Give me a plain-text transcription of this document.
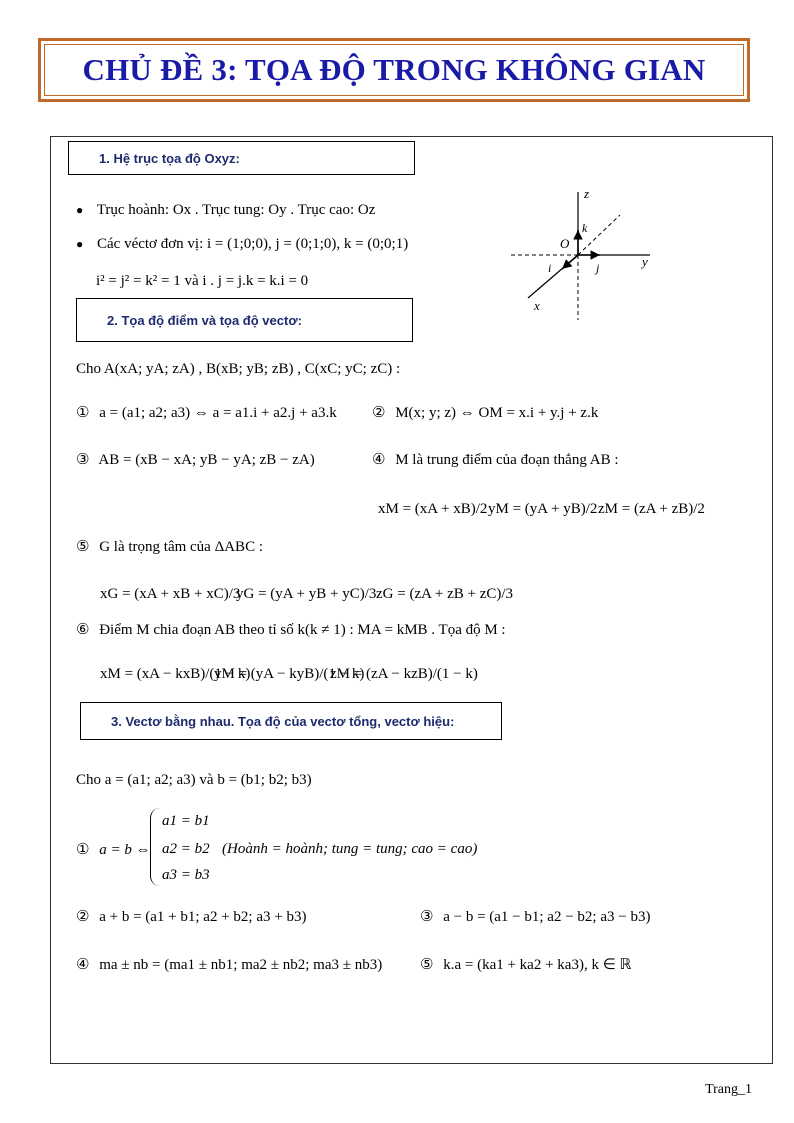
CHỦ ĐỀ 3: TỌA ĐỘ TRONG KHÔNG GIAN
1. Hệ trục tọa độ Oxyz:
● Trục hoành: Ox . Trục tung: Oy . Trục cao: Oz
● Các véctơ đơn vị: i = (1;0;0), j = (0;1;0), k = (0;0;1)
i² = j² = k² = 1 và i . j = j.k = k.i = 0
z
y
x
O
k
j
i
2. Tọa độ điểm và tọa độ vectơ:
Cho A(xA; yA; zA) , B(xB; yB; zB) , C(xC; yC; zC) :
① a = (a1; a2; a3) ⇔ a = a1.i + a2.j + a3.k ② M(x; y; z) ⇔ OM = x.i + y.j + z.k
③ AB = (xB − xA; yB − yA; zB − zA)	④ M là trung điểm của đoạn thẳng AB :
xM = (xA + xB)/2 yM = (yA + yB)/2 zM = (zA + zB)/2
⑤ G là trọng tâm của ΔABC :
xG = (xA + xB + xC)/3
yG = (yA + yB + yC)/3 zG = (zA + zB + zC)/3
⑥ Điểm M chia đoạn AB theo tỉ số k(k ≠ 1) : MA = kMB . Tọa độ M :
xM = (xA − kxB)/(1 − k)
yM = (yA − kyB)/(1 − k)
zM = (zA − kzB)/(1 − k)
3. Vectơ bằng nhau. Tọa độ của vectơ tổng, vectơ hiệu:
Cho a = (a1; a2; a3) và b = (b1; b2; b3)
① a = b ⇔
a1 = b1
a2 = b2
a3 = b3
(Hoành = hoành; tung = tung; cao = cao)
② a + b = (a1 + b1; a2 + b2; a3 + b3)	③ a − b = (a1 − b1; a2 − b2; a3 − b3)
④ ma ± nb = (ma1 ± nb1; ma2 ± nb2; ma3 ± nb3)	⑤ k.a = (ka1 + ka2 + ka3), k ∈ ℝ
Trang_1
